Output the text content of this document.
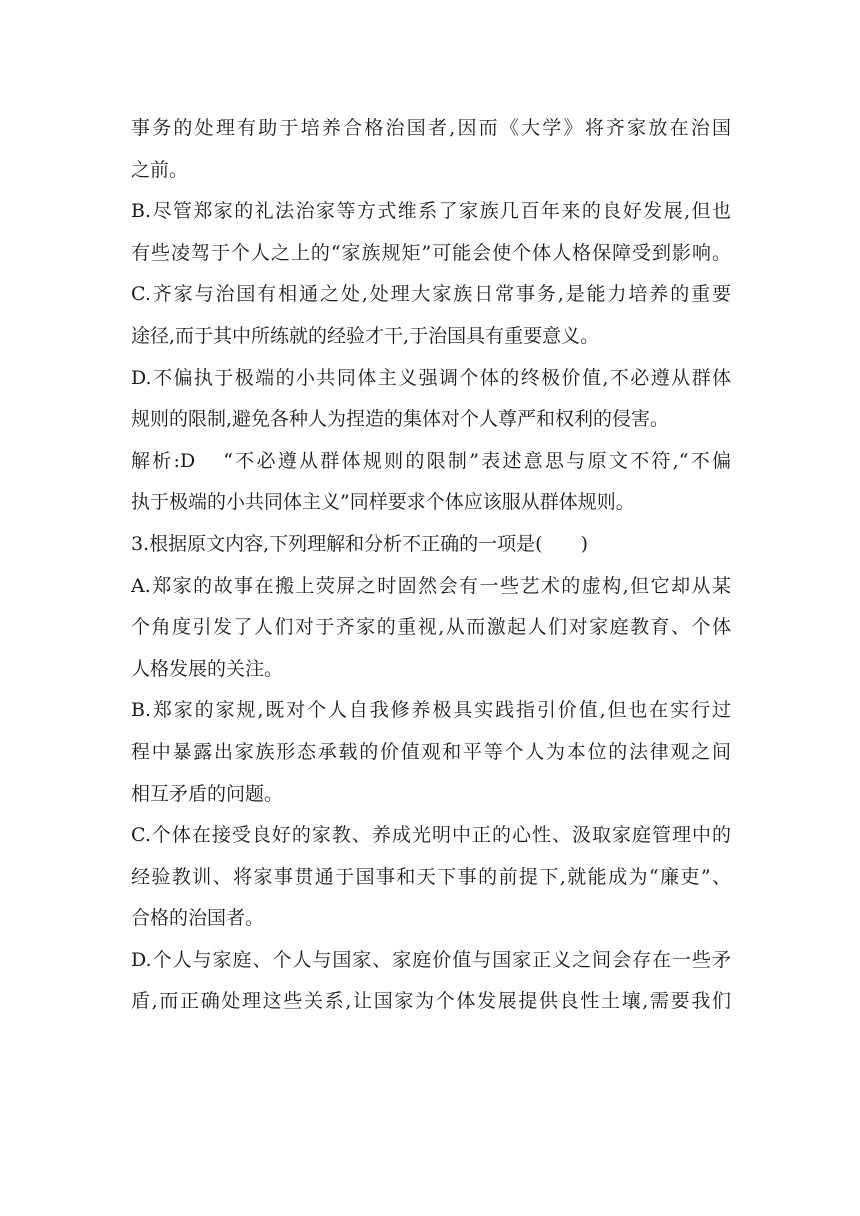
事务的处理有助于培养合格治国者,因而《大学》将齐家放在治国
之前。
B.尽管郑家的礼法治家等方式维系了家族几百年来的良好发展,但也
有些凌驾于个人之上的“家族规矩”可能会使个体人格保障受到影响。
C.齐家与治国有相通之处,处理大家族日常事务,是能力培养的重要
途径,而于其中所练就的经验才干,于治国具有重要意义。
D.不偏执于极端的小共同体主义强调个体的终极价值,不必遵从群体
规则的限制,避免各种人为捏造的集体对个人尊严和权利的侵害。
解析:D “不必遵从群体规则的限制”表述意思与原文不符,“不偏
执于极端的小共同体主义”同样要求个体应该服从群体规则。
3.根据原文内容,下列理解和分析不正确的一项是(　　)
A.郑家的故事在搬上荧屏之时固然会有一些艺术的虚构,但它却从某
个角度引发了人们对于齐家的重视,从而激起人们对家庭教育、个体
人格发展的关注。
B.郑家的家规,既对个人自我修养极具实践指引价值,但也在实行过
程中暴露出家族形态承载的价值观和平等个人为本位的法律观之间
相互矛盾的问题。
C.个体在接受良好的家教、养成光明中正的心性、汲取家庭管理中的
经验教训、将家事贯通于国事和天下事的前提下,就能成为“廉吏”、
合格的治国者。
D.个人与家庭、个人与国家、家庭价值与国家正义之间会存在一些矛
盾,而正确处理这些关系,让国家为个体发展提供良性土壤,需要我们
